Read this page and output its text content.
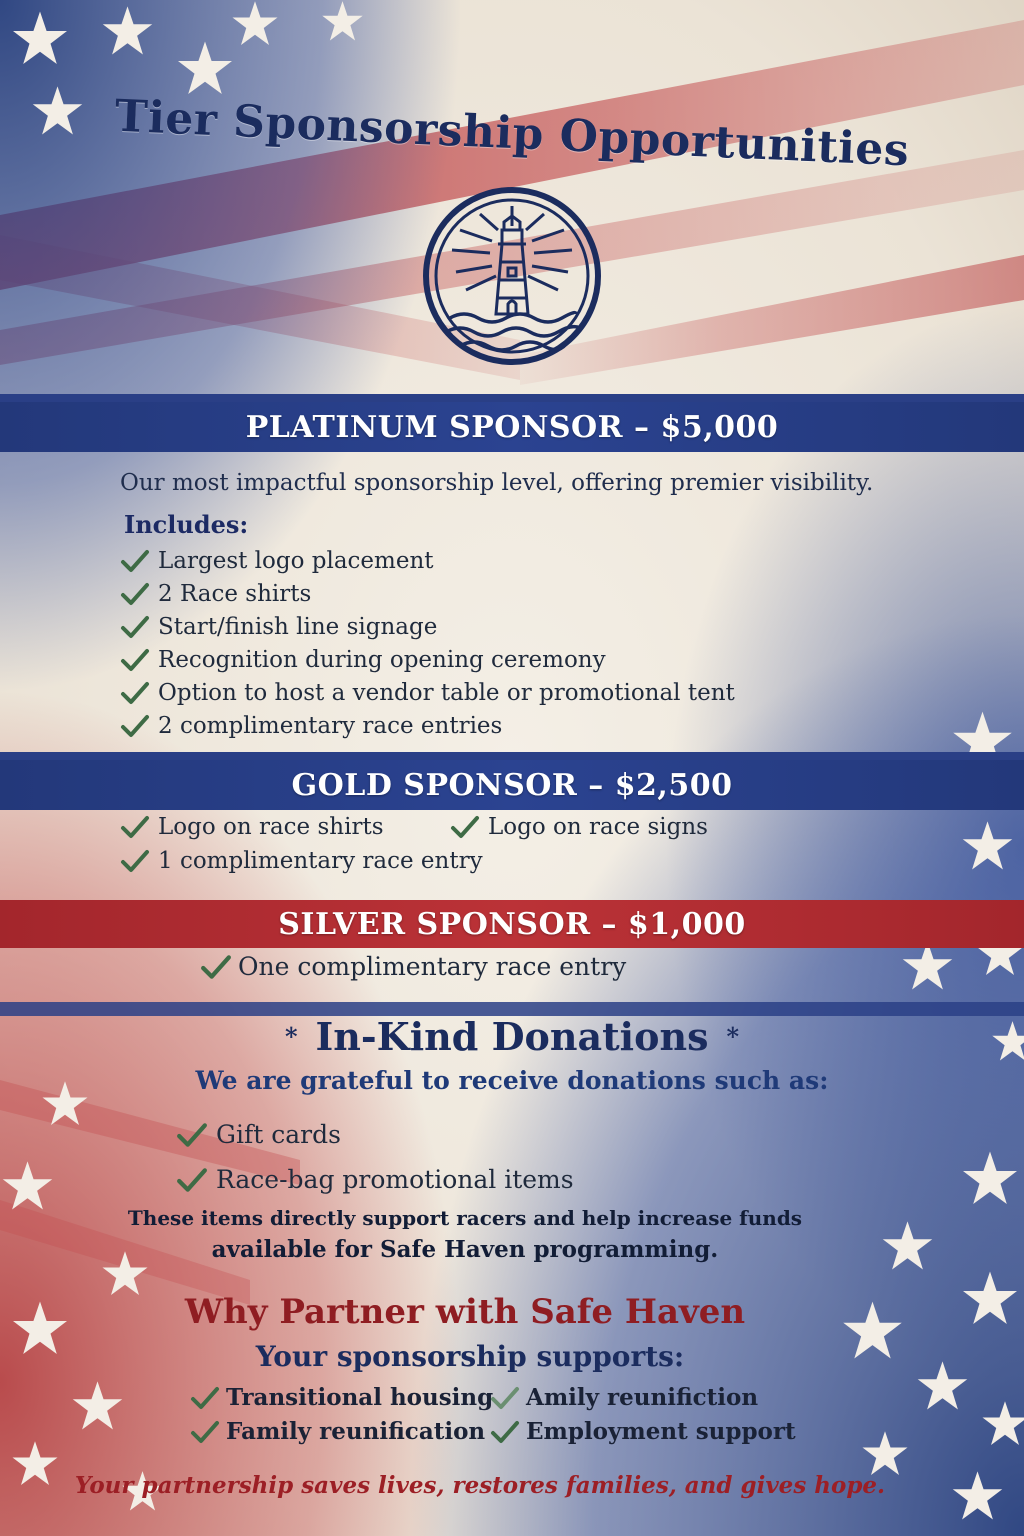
Tier Sponsorship Opportunities
PLATINUM SPONSOR – $5,000
Our most impactful sponsorship level, offering premier visibility.
Includes:
Largest logo placement
2 Race shirts
Start/finish line signage
Recognition during opening ceremony
Option to host a vendor table or promotional tent
2 complimentary race entries
GOLD SPONSOR – $2,500
Logo on race shirts	Logo on race signs
1 complimentary race entry
SILVER SPONSOR – $1,000
One complimentary race entry
* In-Kind Donations *
We are grateful to receive donations such as:
Gift cards
Race-bag promotional items
These items directly support racers and help increase funds
available for Safe Haven programming.
Why Partner with Safe Haven
Your sponsorship supports:
Transitional housing Amily reunifiction
Family reunification Employment support
Your partnership saves lives, restores families, and gives hope.
